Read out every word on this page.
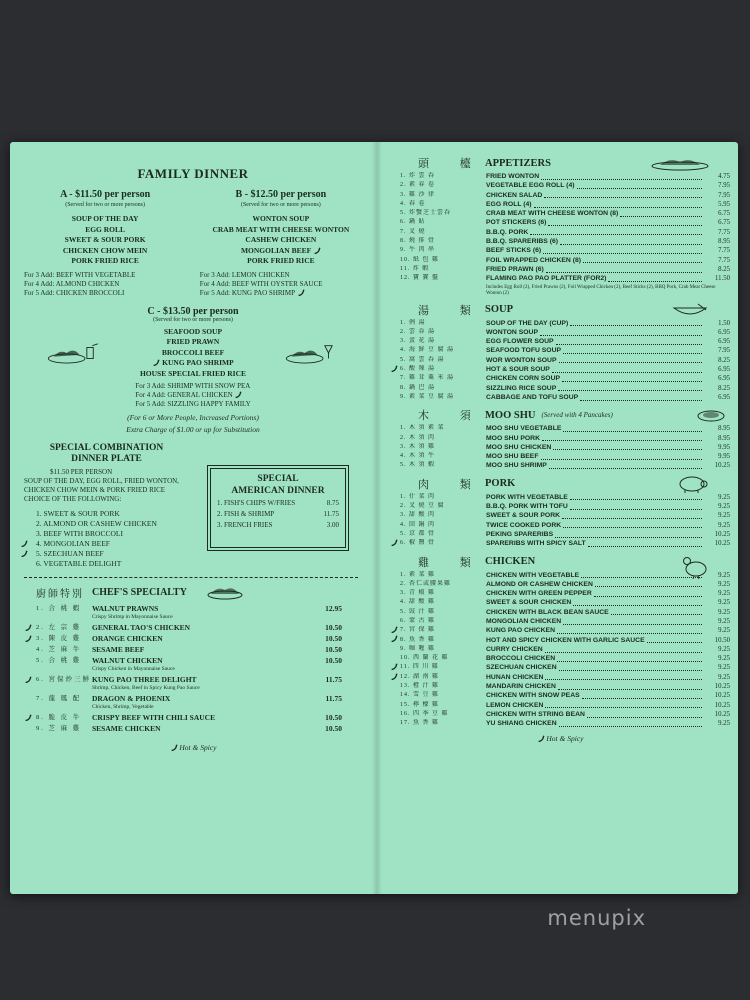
FAMILY DINNER
A - $11.50 per person
(Served for two or more persons)
SOUP OF THE DAY
EGG ROLL
SWEET & SOUR PORK
CHICKEN CHOW MEIN
PORK FRIED RICE
For 3 Add: BEEF WITH VEGETABLE
For 4 Add: ALMOND CHICKEN
For 5 Add: CHICKEN BROCCOLI
B - $12.50 per person
(Served for two or more persons)
WONTON SOUP
CRAB MEAT WITH CHEESE WONTON
CASHEW CHICKEN
MONGOLIAN BEEF
PORK FRIED RICE
For 3 Add: LEMON CHICKEN
For 4 Add: BEEF WITH OYSTER SAUCE
For 5 Add: KUNG PAO SHRIMP
C - $13.50 per person
(Served for two or more persons)
SEAFOOD SOUP
FRIED PRAWN
BROCCOLI BEEF
KUNG PAO SHRIMP
HOUSE SPECIAL FRIED RICE
For 3 Add: SHRIMP WITH SNOW PEA
For 4 Add: GENERAL CHICKEN
For 5 Add: SIZZLING HAPPY FAMILY
(For 6 or More People, Increased Portions)
Extra Charge of $1.00 or up for Substitution
SPECIAL COMBINATION
DINNER PLATE
$11.50 PER PERSON
SOUP OF THE DAY, EGG ROLL, FRIED WONTON, CHICKEN CHOW MEIN & PORK FRIED RICE
CHOICE OF THE FOLLOWING:
1. SWEET & SOUR PORK
2. ALMOND OR CASHEW CHICKEN
3. BEEF WITH BROCCOLI
4. MONGOLIAN BEEF
5. SZECHUAN BEEF
6. VEGETABLE DELIGHT
SPECIAL
AMERICAN DINNER
1. FISH'S CHIPS W/FRIES	8.75
2. FISH & SHRIMP	11.75
3. FRENCH FRIES	3.00
廚師特別 CHEF'S SPECIALTY
1. 合 桃 蝦	WALNUT PRAWNS
Crispy Shrimp in Mayonnaise Sauce
12.95
2. 左 宗 雞	GENERAL TAO'S CHICKEN	10.50
3. 陳 皮 雞	ORANGE CHICKEN	10.50
4. 芝 麻 牛	SESAME BEEF	10.50
5. 合 桃 雞	WALNUT CHICKEN
Crispy Chicken in Mayonnaise Sauce
10.50
6. 宮保炒三鮮 KUNG PAO THREE DELIGHT
Shrimp, Chicken, Beef in Spicy Kung Pao Sauce
11.75
7. 龍 鳳 配	DRAGON & PHOENIX
Chicken, Shrimp, Vegetable
11.75
8. 脆 皮 牛	CRISPY BEEF WITH CHILI SAUCE	10.50
9. 芝 麻 雞	SESAME CHICKEN	10.50
Hot & Spicy
頭 檯 APPETIZERS
1. 炸 雲 吞	FRIED WONTON	4.75
2. 素 春 卷	VEGETABLE EGG ROLL (4)	7.95
3. 雞 沙 律	CHICKEN SALAD	7.95
4. 春 卷	EGG ROLL (4)	5.95
5. 炸蟹芝士雲吞	CRAB MEAT WITH CHEESE WONTON (8)	6.75
6. 鍋 貼	POT STICKERS (6)	6.75
7. 叉 燒	B.B.Q. PORK	7.75
8. 燒 排 骨	B.B.Q. SPARERIBS (6)	8.95
9. 牛 肉 串	BEEF STICKS (6)	7.75
10. 紙 包 雞	FOIL WRAPPED CHICKEN (8)	7.75
11. 炸 蝦	FRIED PRAWN (6)	8.25
12. 寶 寶 盤	FLAMING PAO PAO PLATTER (FOR2)	11.50
Includes Egg Roll (2), Fried Prawns (2), Foil Wrapped Chicken (2), Beef Sticks (2), BBQ Pork, Crab Meat Cheese Wonton (2)
湯 類 SOUP
1. 例 湯	SOUP OF THE DAY (CUP)	1.50
2. 雲 吞 湯	WONTON SOUP	6.95
3. 蛋 花 湯	EGG FLOWER SOUP	6.95
4. 海 鮮 豆 腐 湯	SEAFOOD TOFU SOUP	7.95
5. 窩 雲 吞 湯	WOR WONTON SOUP	8.25
6. 酸 辣 湯	HOT & SOUR SOUP	6.95
7. 雞 茸 粟 米 湯	CHICKEN CORN SOUP	6.95
8. 鍋 巴 湯	SIZZLING RICE SOUP	8.25
9. 素 菜 豆 腐 湯	CABBAGE AND TOFU SOUP	6.95
木 須 MOO SHU (Served with 4 Pancakes)
1. 木 須 素 菜	MOO SHU VEGETABLE	8.95
2. 木 須 肉	MOO SHU PORK	8.95
3. 木 須 雞	MOO SHU CHICKEN	9.95
4. 木 須 牛	MOO SHU BEEF	9.95
5. 木 須 蝦	MOO SHU SHRIMP	10.25
肉 類 PORK
1. 什 菜 肉	PORK WITH VEGETABLE	9.25
2. 叉 燒 豆 腐	B.B.Q. PORK WITH TOFU	9.25
3. 甜 酸 肉	SWEET & SOUR PORK	9.25
4. 回 鍋 肉	TWICE COOKED PORK	9.25
5. 京 都 骨	PEKING SPARERIBS	10.25
6. 椒 鹽 骨	SPARERIBS WITH SPICY SALT	10.25
雞 類 CHICKEN
1. 素 菜 雞	CHICKEN WITH VEGETABLE	9.25
2. 杏仁或腰果雞	ALMOND OR CASHEW CHICKEN	9.25
3. 青 椒 雞	CHICKEN WITH GREEN PEPPER	9.25
4. 甜 酸 雞	SWEET & SOUR CHICKEN	9.25
5. 豉 汁 雞	CHICKEN WITH BLACK BEAN SAUCE	9.25
6. 蒙 古 雞	MONGOLIAN CHICKEN	9.25
7. 宮 保 雞	KUNG PAO CHICKEN	9.25
8. 魚 香 雞	HOT AND SPICY CHICKEN WITH GARLIC SAUCE	10.50
9. 咖 喱 雞	CURRY CHICKEN	9.25
10. 西 蘭 花 雞	BROCCOLI CHICKEN	9.25
11. 四 川 雞	SZECHUAN CHICKEN	9.25
12. 湖 南 雞	HUNAN CHICKEN	9.25
13. 橙 汁 雞	MANDARIN CHICKEN	10.25
14. 雪 豆 雞	CHICKEN WITH SNOW PEAS	10.25
15. 檸 檬 雞	LEMON CHICKEN	10.25
16. 四 季 豆 雞	CHICKEN WITH STRING BEAN	10.25
17. 魚 香 雞	YU SHIANG CHICKEN	9.25
Hot & Spicy
menupix
